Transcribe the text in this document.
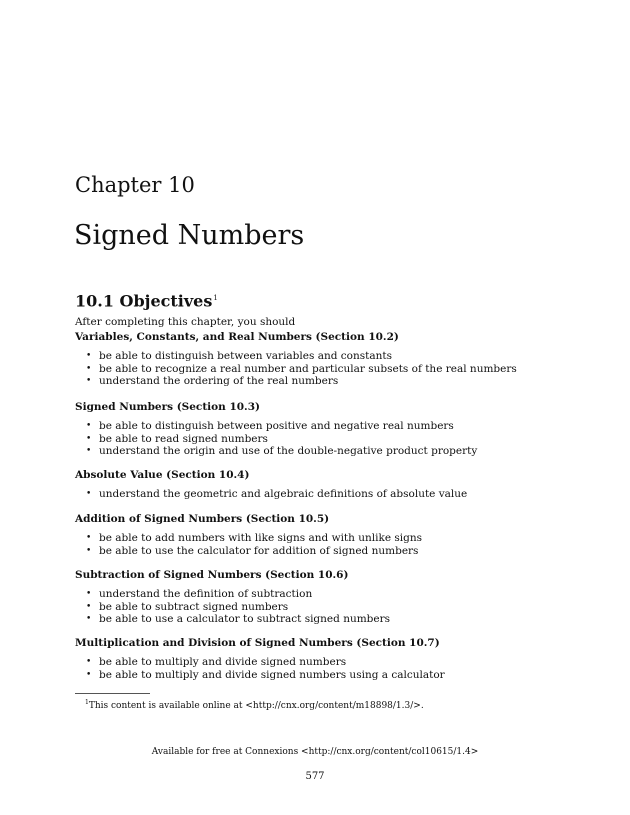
Chapter 10
Signed Numbers
10.1 Objectives$^1$
After completing this chapter, you should
Variables, Constants, and Real Numbers (Section 10.2)
• be able to distinguish between variables and constants
• be able to recognize a real number and particular subsets of the real numbers
• understand the ordering of the real numbers
Signed Numbers (Section 10.3)
• be able to distinguish between positive and negative real numbers
• be able to read signed numbers
• understand the origin and use of the double-negative product property
Absolute Value (Section 10.4)
• understand the geometric and algebraic definitions of absolute value
Addition of Signed Numbers (Section 10.5)
• be able to add numbers with like signs and with unlike signs
• be able to use the calculator for addition of signed numbers
Subtraction of Signed Numbers (Section 10.6)
• understand the definition of subtraction
• be able to subtract signed numbers
• be able to use a calculator to subtract signed numbers
Multiplication and Division of Signed Numbers (Section 10.7)
• be able to multiply and divide signed numbers
• be able to multiply and divide signed numbers using a calculator
$^1$This content is available online at <http://cnx.org/content/m18898/1.3/>.
Available for free at Connexions <http://cnx.org/content/col10615/1.4>
577
